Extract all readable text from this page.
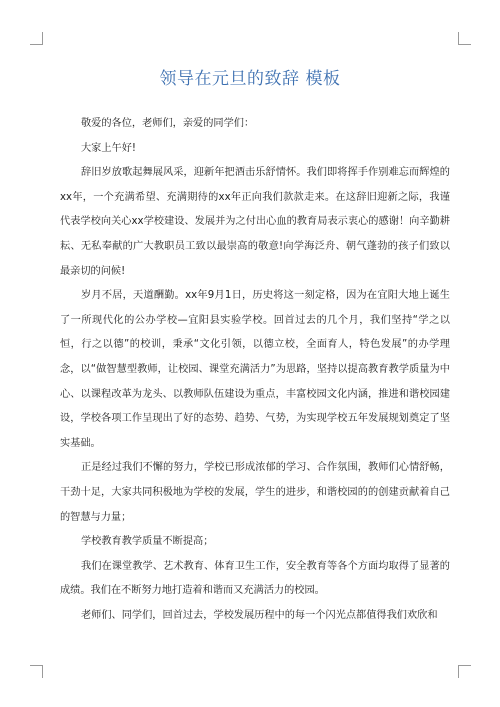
领导在元旦的致辞 模板

敬爱的各位，老师们，亲爱的同学们：

大家上午好!

辞旧岁放歌起舞展风采，迎新年把酒击乐舒情怀。我们即将挥手作别难忘而辉煌的xx年，一个充满希望、充满期待的xx年正向我们款款走来。在这辞旧迎新之际，我谨代表学校向关心xx学校建设、发展并为之付出心血的教育局表示衷心的感谢！向辛勤耕耘、无私奉献的广大教职员工致以最崇高的敬意!向学海泛舟、朝气蓬勃的孩子们致以最亲切的问候!

岁月不居，天道酬勤。xx年9月1日，历史将这一刻定格，因为在宜阳大地上诞生了一所现代化的公办学校—宜阳县实验学校。回首过去的几个月，我们坚持“学之以恒，行之以德”的校训，秉承“文化引领，以德立校，全面育人，特色发展”的办学理念，以“做智慧型教师，让校园、课堂充满活力”为思路，坚持以提高教育教学质量为中心、以课程改革为龙头、以教师队伍建设为重点，丰富校园文化内涵，推进和谐校园建设，学校各项工作呈现出了好的态势、趋势、气势，为实现学校五年发展规划奠定了坚实基础。

正是经过我们不懈的努力，学校已形成浓郁的学习、合作氛围，教师们心情舒畅，干劲十足，大家共同积极地为学校的发展，学生的进步，和谐校园的的创建贡献着自己的智慧与力量；

学校教育教学质量不断提高；

我们在课堂教学、艺术教育、体育卫生工作，安全教育等各个方面均取得了显著的成绩。我们在不断努力地打造着和谐而又充满活力的校园。

老师们、同学们，回首过去，学校发展历程中的每一个闪光点都值得我们欢欣和
